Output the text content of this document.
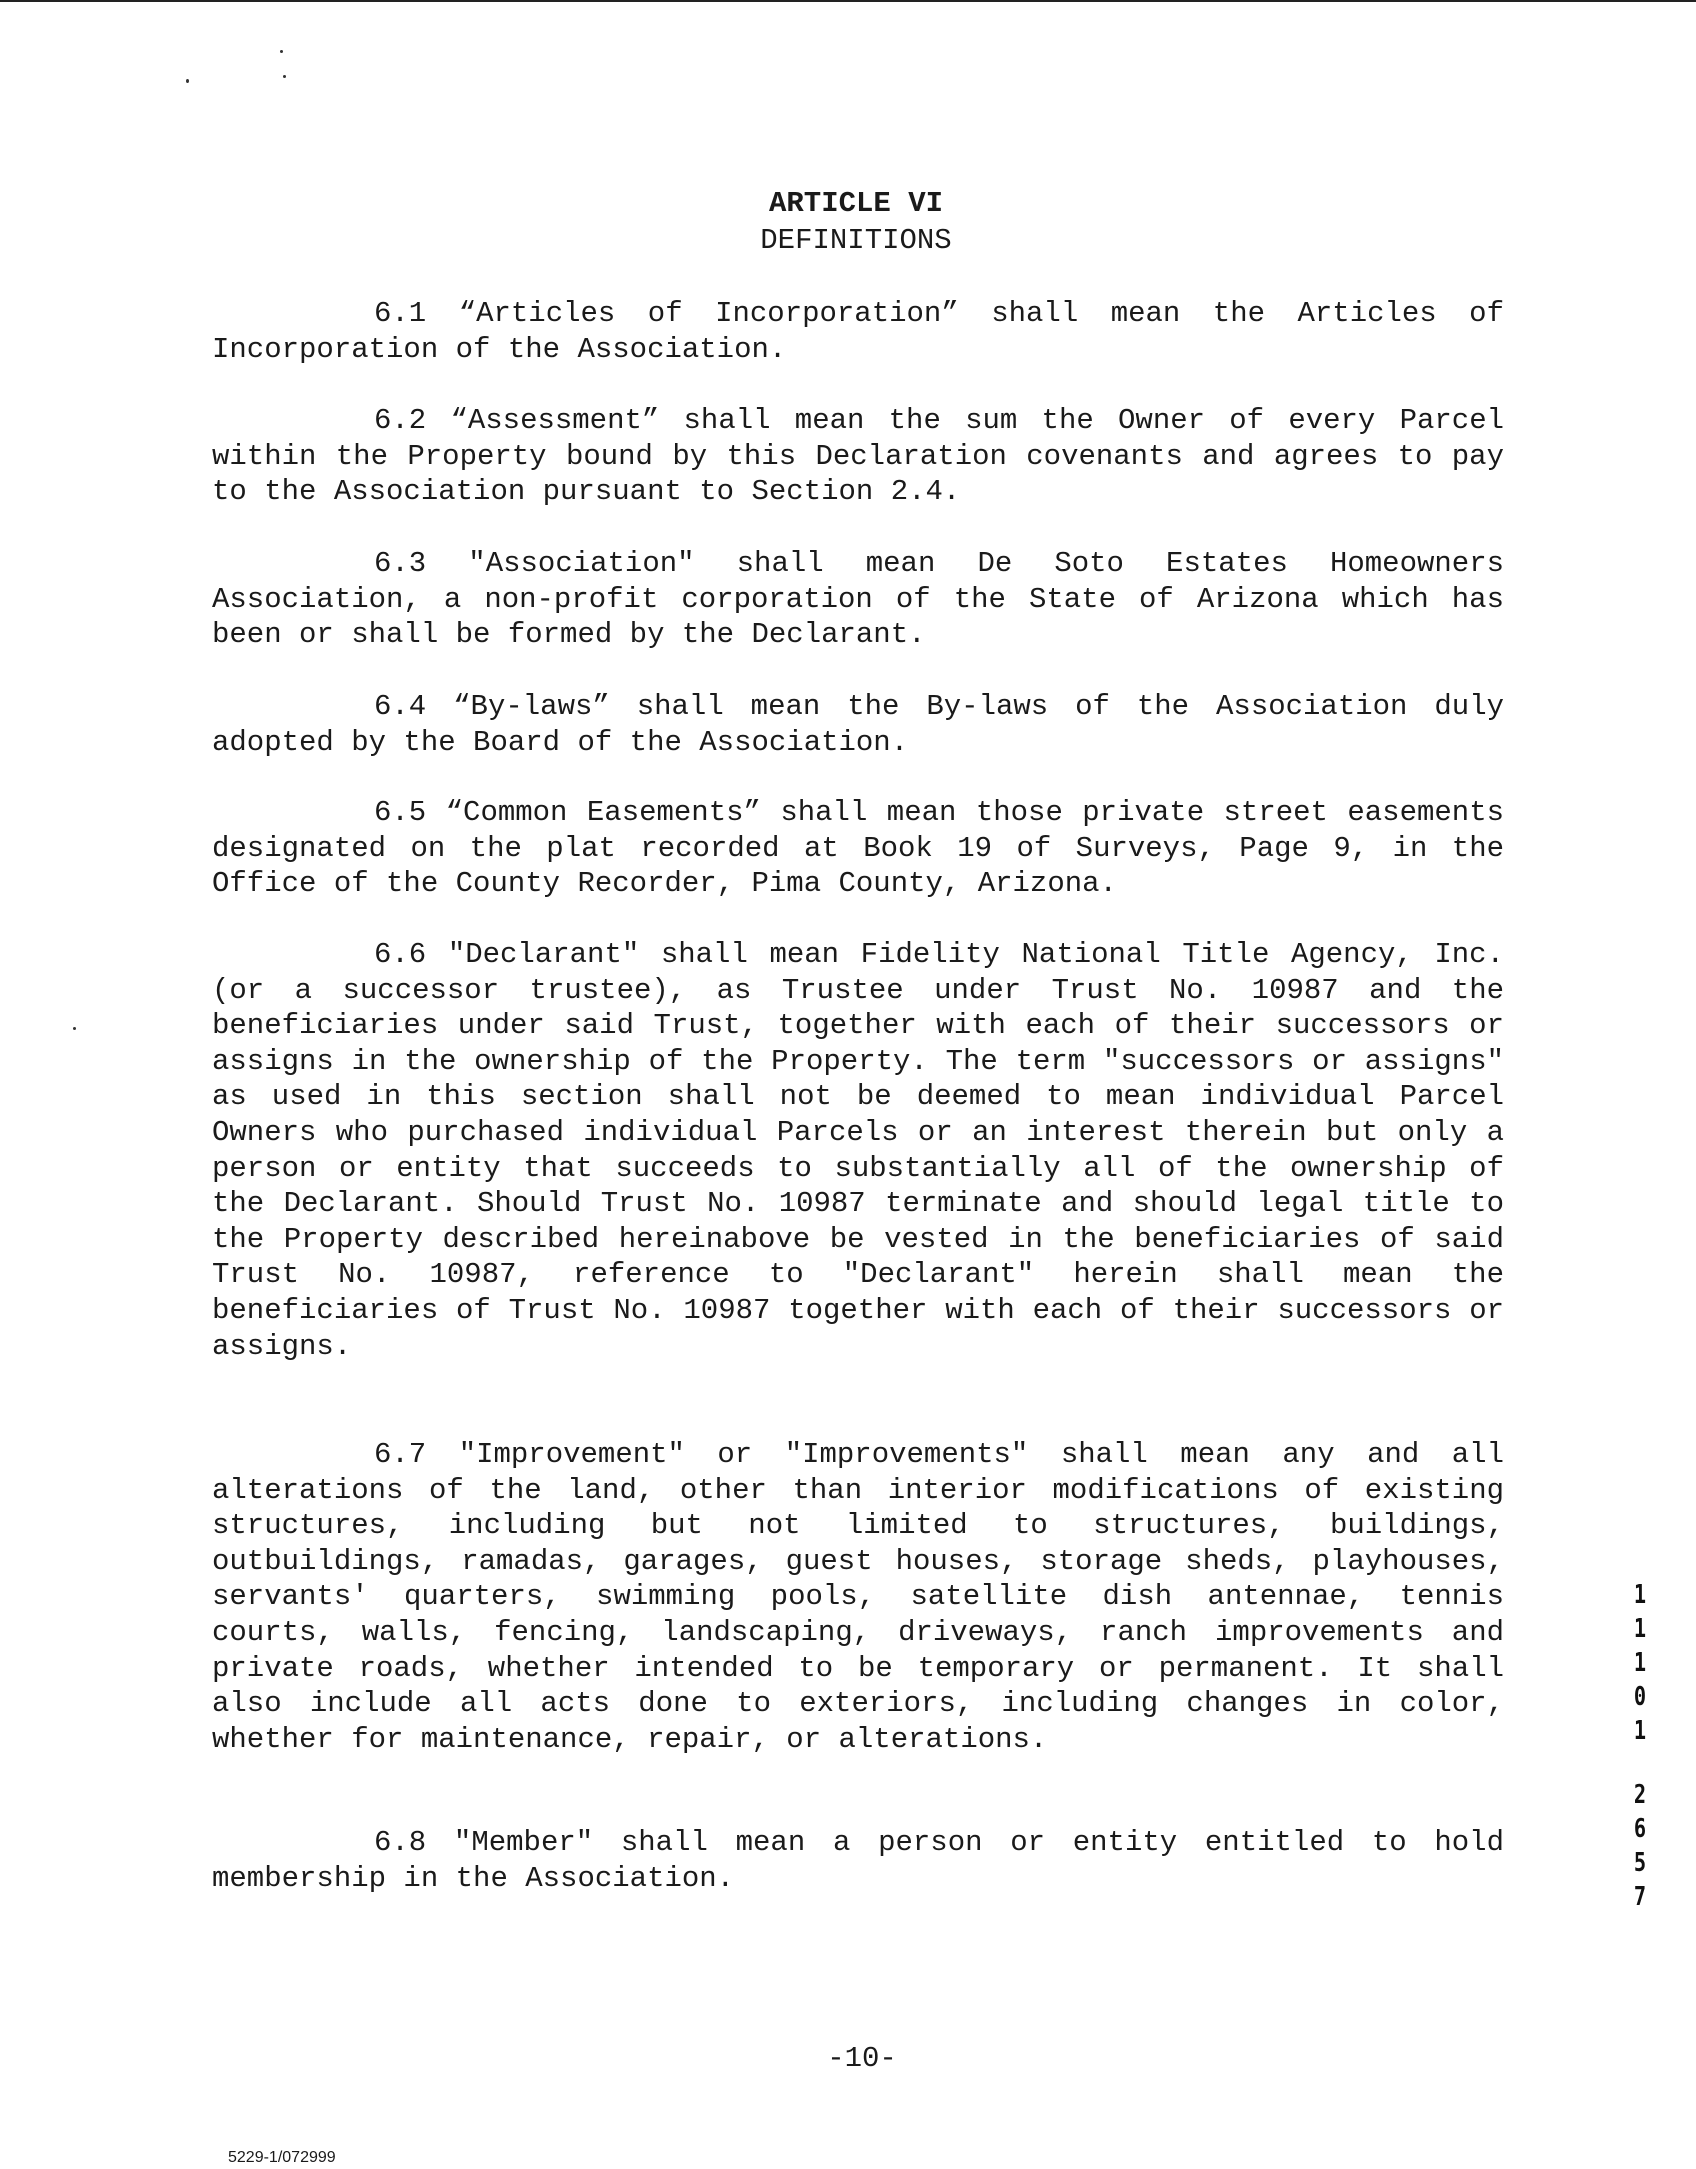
ARTICLE VI
DEFINITIONS

6.1 “Articles of Incorporation” shall mean the Articles of Incorporation of the Association.

6.2 “Assessment” shall mean the sum the Owner of every Parcel within the Property bound by this Declaration covenants and agrees to pay to the Association pursuant to Section 2.4.

6.3 "Association" shall mean De Soto Estates Homeowners Association, a non-profit corporation of the State of Arizona which has been or shall be formed by the Declarant.

6.4 “By-laws” shall mean the By-laws of the Association duly adopted by the Board of the Association.

6.5 “Common Easements” shall mean those private street easements designated on the plat recorded at Book 19 of Surveys, Page 9, in the Office of the County Recorder, Pima County, Arizona.

6.6 "Declarant" shall mean Fidelity National Title Agency, Inc. (or a successor trustee), as Trustee under Trust No. 10987 and the beneficiaries under said Trust, together with each of their successors or assigns in the ownership of the Property. The term "successors or assigns" as used in this section shall not be deemed to mean individual Parcel Owners who purchased individual Parcels or an interest therein but only a person or entity that succeeds to substantially all of the ownership of the Declarant. Should Trust No. 10987 terminate and should legal title to the Property described hereinabove be vested in the beneficiaries of said Trust No. 10987, reference to "Declarant" herein shall mean the beneficiaries of Trust No. 10987 together with each of their successors or assigns.

6.7 "Improvement" or "Improvements" shall mean any and all alterations of the land, other than interior modifications of existing structures, including but not limited to structures, buildings, outbuildings, ramadas, garages, guest houses, storage sheds, playhouses, servants' quarters, swimming pools, satellite dish antennae, tennis courts, walls, fencing, landscaping, driveways, ranch improvements and private roads, whether intended to be temporary or permanent. It shall also include all acts done to exteriors, including changes in color, whether for maintenance, repair, or alterations.

6.8 "Member" shall mean a person or entity entitled to hold membership in the Association.

-10-
5229-1/072999
1
1
1
0
1
2
6
5
7
